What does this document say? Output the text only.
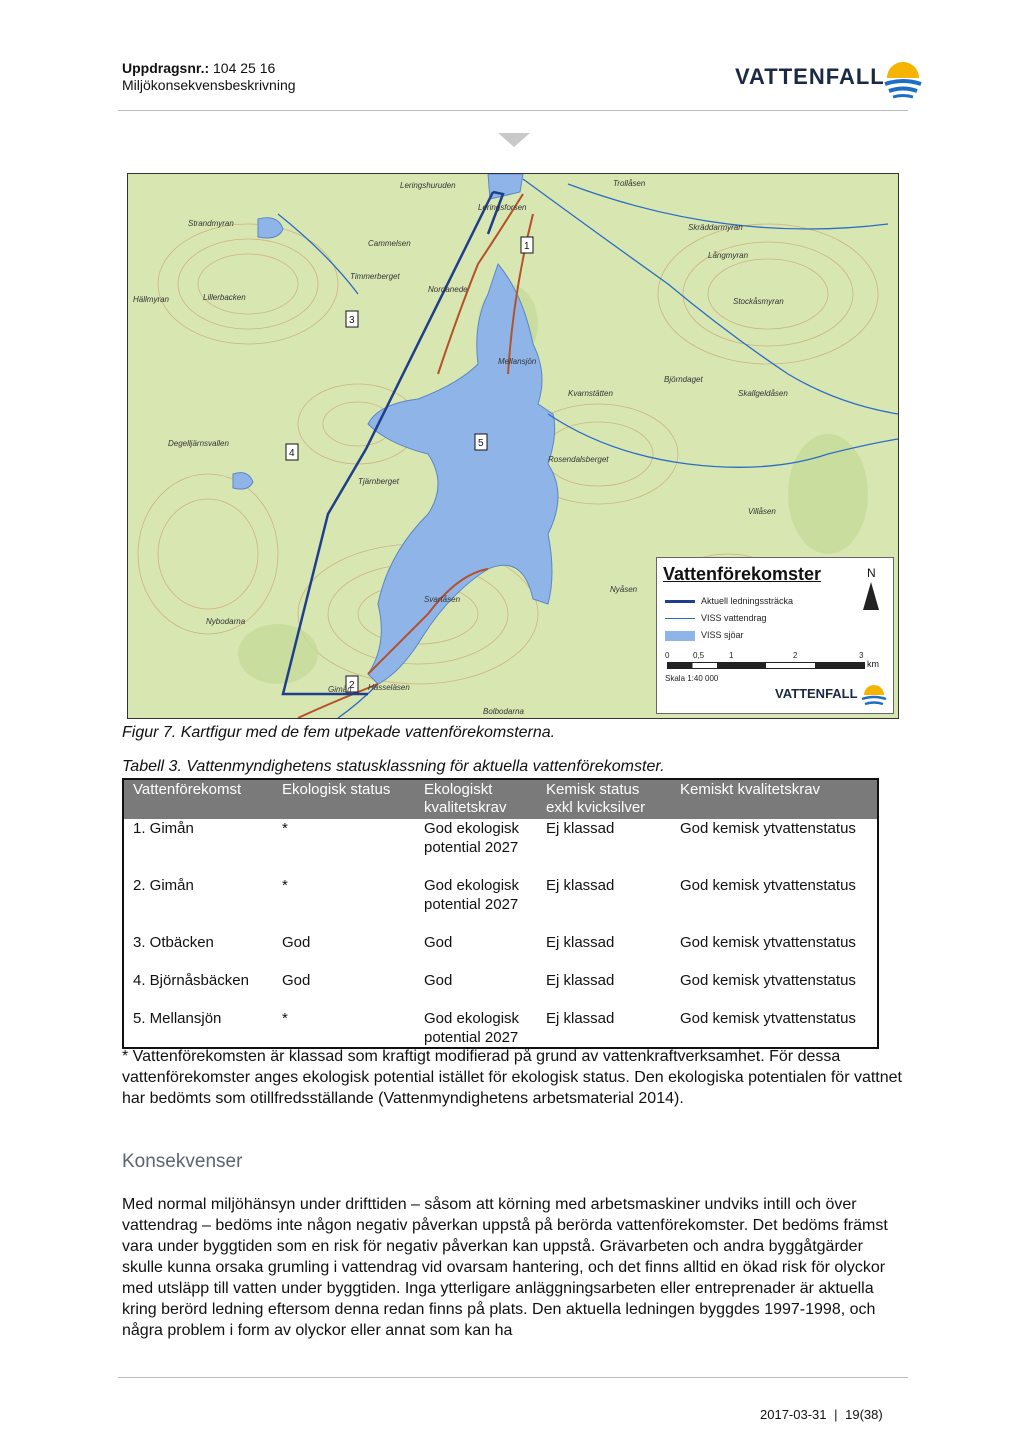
Uppdragsnr.: 104 25 16
Miljökonsekvensbeskrivning	VATTENFALL
1
2
3
4
5
Leringshuruden
Leringsforsen
Trollåsen
Strandmyran
Cammelsen
Timmerberget
Nordanede
Hällmyran	Lillerbacken
Kvarnstätten
Skräddarmyran
Långmyran
Stockåsmyran
Björndaget
Mellansjön
Skallgeldåsen
Rosendalsberget
Degelljärnsvallen
Svartåsen
Tjärnberget
Nybodarna
Nyåsen
Hässeläsen
Bolbodarna
Villåsen
Gimån
Vattenförekomster	N
Aktuell ledningssträcka
VISS vattendrag
VISS sjöar
0	0,5	1	2	3
km
Skala 1:40 000
VATTENFALL
Figur 7. Kartfigur med de fem utpekade vattenförekomsterna.
Tabell 3. Vattenmyndighetens statusklassning för aktuella vattenförekomster.
Vattenförekomst	Ekologisk status	Ekologiskt kvalitetskrav	Kemisk status exkl kvicksilver	Kemiskt kvalitetskrav
1. Gimån	*	God ekologisk potential 2027	Ej klassad	God kemisk ytvattenstatus
2. Gimån	*	God ekologisk potential 2027	Ej klassad	God kemisk ytvattenstatus
3. Otbäcken	God	God	Ej klassad	God kemisk ytvattenstatus
4. Björnåsbäcken	God	God	Ej klassad	God kemisk ytvattenstatus
5. Mellansjön	*	God ekologisk potential 2027	Ej klassad	God kemisk ytvattenstatus
* Vattenförekomsten är klassad som kraftigt modifierad på grund av vattenkraftverksamhet. För dessa vattenförekomster anges ekologisk potential istället för ekologisk status. Den ekologiska potentialen för vattnet har bedömts som otillfredsställande (Vattenmyndighetens arbetsmaterial 2014).
Konsekvenser
Med normal miljöhänsyn under drifttiden – såsom att körning med arbetsmaskiner undviks intill och över vattendrag – bedöms inte någon negativ påverkan uppstå på berörda vattenförekomster. Det bedöms främst vara under byggtiden som en risk för negativ påverkan kan uppstå. Grävarbeten och andra byggåtgärder skulle kunna orsaka grumling i vattendrag vid ovarsam hantering, och det finns alltid en ökad risk för olyckor med utsläpp till vatten under byggtiden. Inga ytterligare anläggningsarbeten eller entreprenader är aktuella kring berörd ledning eftersom denna redan finns på plats. Den aktuella ledningen byggdes 1997-1998, och några problem i form av olyckor eller annat som kan ha
2017-03-31 | 19(38)
